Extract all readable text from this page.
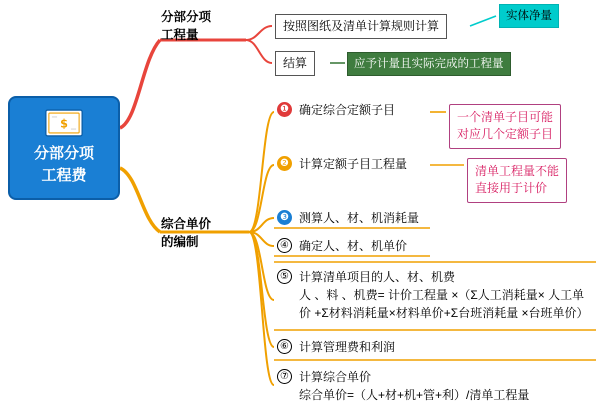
$
分部分项
工程费
分部分项
工程量
按照图纸及清单计算规则计算
结算
实体净量
应予计量且实际完成的工程量
综合单价
的编制
❶ 确定综合定额子目
❷ 计算定额子目工程量
❸ 测算人、材、机消耗量
④ 确定人、材、机单价
⑤ 计算清单项目的人、材、机费
人 、料 、机费= 计价工程量 ×（Σ人工消耗量× 人工单
价 +Σ材料消耗量×材料单价+Σ台班消耗量 ×台班单价）
⑥ 计算管理费和利润
⑦ 计算综合单价
综合单价=（人+材+机+管+利）/清单工程量
一个清单子目可能
对应几个定额子目
清单工程量不能
直接用于计价
